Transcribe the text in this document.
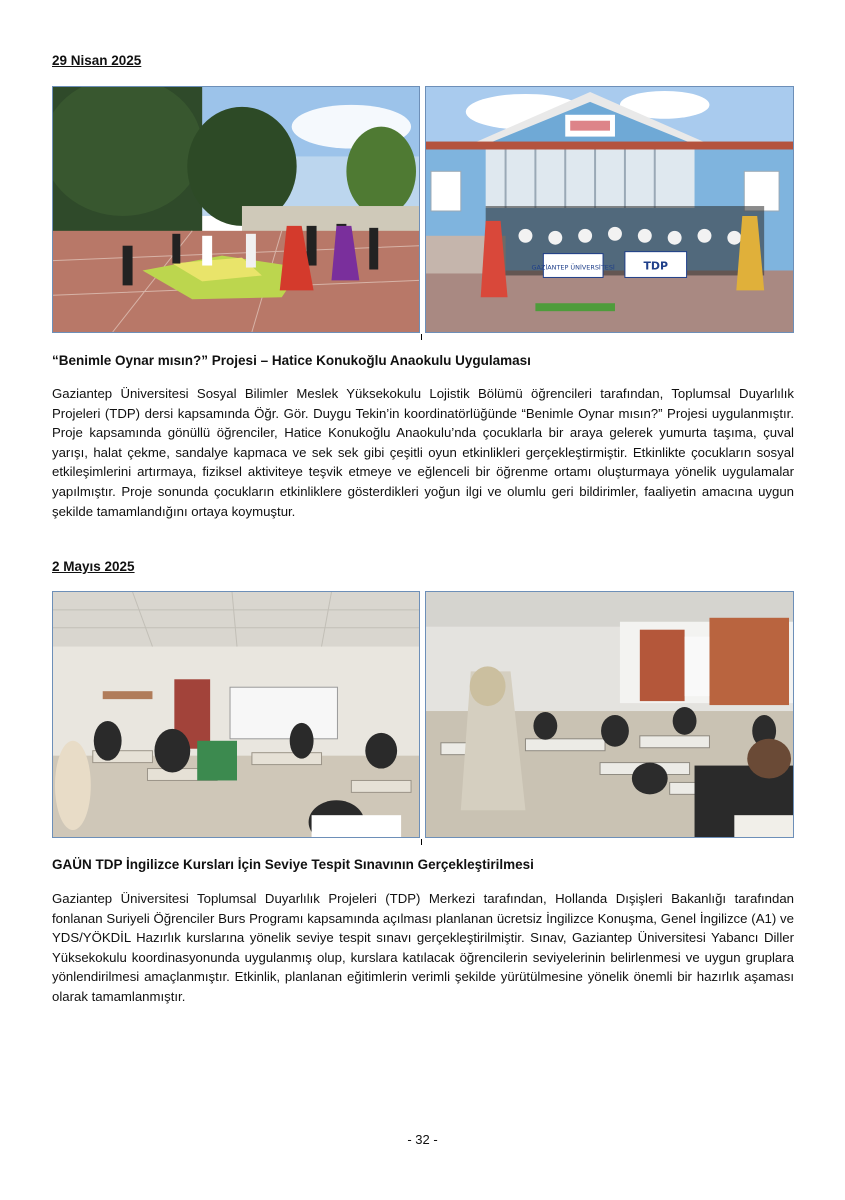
29 Nisan 2025
GAZİANTEP ÜNİVERSİTESİ	TDP
“Benimle Oynar mısın?” Projesi – Hatice Konukoğlu Anaokulu Uygulaması

Gaziantep Üniversitesi Sosyal Bilimler Meslek Yüksekokulu Lojistik Bölümü öğrencileri tarafından, Toplumsal Duyarlılık Projeleri (TDP) dersi kapsamında Öğr. Gör. Duygu Tekin’in koordinatörlüğünde “Benimle Oynar mısın?” Projesi uygulanmıştır. Proje kapsamında gönüllü öğrenciler, Hatice Konukoğlu Anaokulu’nda çocuklarla bir araya gelerek yumurta taşıma, çuval yarışı, halat çekme, sandalye kapmaca ve sek sek gibi çeşitli oyun etkinlikleri gerçekleştirmiştir. Etkinlikte çocukların sosyal etkileşimlerini artırmaya, fiziksel aktiviteye teşvik etmeye ve eğlenceli bir öğrenme ortamı oluşturmaya yönelik uygulamalar yapılmıştır. Proje sonunda çocukların etkinliklere gösterdikleri yoğun ilgi ve olumlu geri bildirimler, faaliyetin amacına uygun şekilde tamamlandığını ortaya koymuştur.

2 Mayıs 2025
GAÜN TDP İngilizce Kursları İçin Seviye Tespit Sınavının Gerçekleştirilmesi

Gaziantep Üniversitesi Toplumsal Duyarlılık Projeleri (TDP) Merkezi tarafından, Hollanda Dışişleri Bakanlığı tarafından fonlanan Suriyeli Öğrenciler Burs Programı kapsamında açılması planlanan ücretsiz İngilizce Konuşma, Genel İngilizce (A1) ve YDS/YÖKDİL Hazırlık kurslarına yönelik seviye tespit sınavı gerçekleştirilmiştir. Sınav, Gaziantep Üniversitesi Yabancı Diller Yüksekokulu koordinasyonunda uygulanmış olup, kurslara katılacak öğrencilerin seviyelerinin belirlenmesi ve uygun gruplara yönlendirilmesi amaçlanmıştır. Etkinlik, planlanan eğitimlerin verimli şekilde yürütülmesine yönelik önemli bir hazırlık aşaması olarak tamamlanmıştır.

- 32 -
